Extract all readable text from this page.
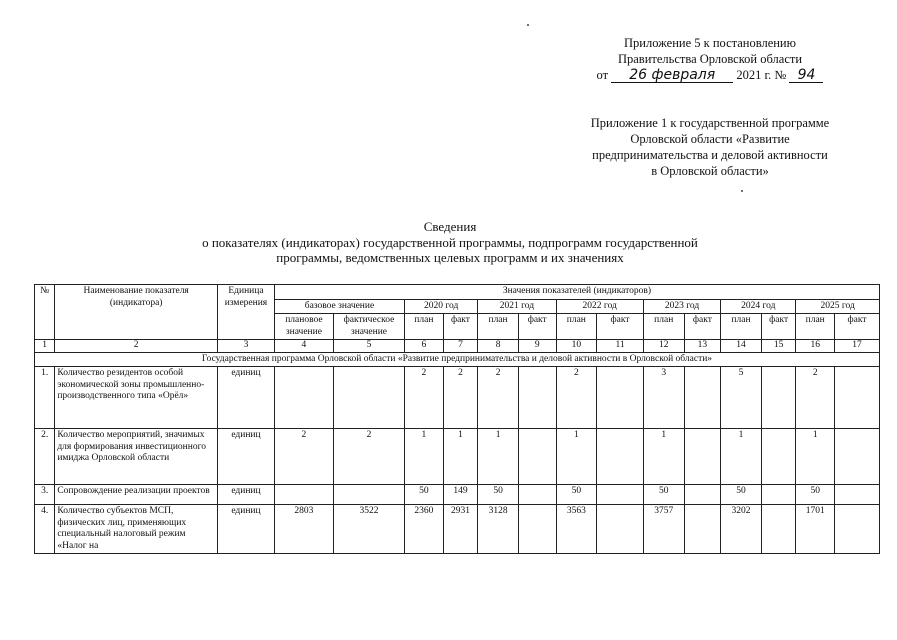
Приложение 5 к постановлению
Правительства Орловской области
от 26 февраля 2021 г. № 94
Приложение 1 к государственной программе
Орловской области «Развитие
предпринимательства и деловой активности
в Орловской области»
Сведения
о показателях (индикаторах) государственной программы, подпрограмм государственной
программы, ведомственных целевых программ и их значениях
№	Наименование показателя (индикатора)	Единица измерения	Значения показателей (индикаторов)													
			базовое значение		2020 год		2021 год		2022 год		2023 год		2024 год		2025 год	
			плановое значение	фактическое значение	план	факт	план	факт	план	факт	план	факт	план	факт	план	факт
1	2	3	4	5	6	7	8	9	10	11	12	13	14	15	16	17
Государственная программа Орловской области «Развитие предпринимательства и деловой активности в Орловской области»																
1.	Количество резидентов особой экономической зоны промышленно-производственного типа «Орёл»	единиц			2	2	2		2		3		5		2	
2.	Количество мероприятий, значимых для формирования инвестиционного имиджа Орловской области	единиц	2	2	1	1	1		1		1		1		1	
3.	Сопровождение реализации проектов	единиц			50	149	50		50		50		50		50	
4.	Количество субъектов МСП, физических лиц, применяющих специальный налоговый режим «Налог на	единиц	2803	3522	2360	2931	3128		3563		3757		3202		1701	
